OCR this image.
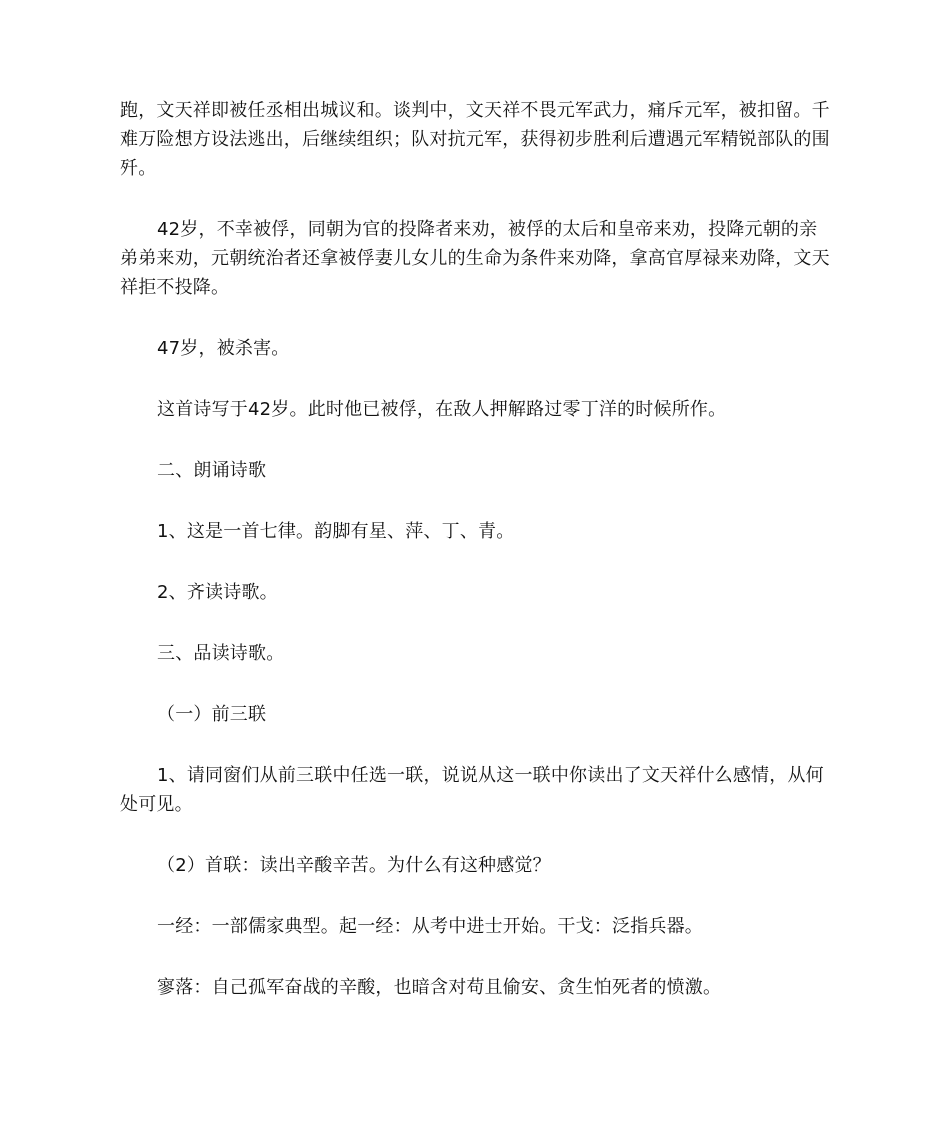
跑，文天祥即被任丞相出城议和。谈判中，文天祥不畏元军武力，痛斥元军，被扣留。千难万险想方设法逃出，后继续组织；队对抗元军，获得初步胜利后遭遇元军精锐部队的围歼。

42岁，不幸被俘，同朝为官的投降者来劝，被俘的太后和皇帝来劝，投降元朝的亲弟弟来劝，元朝统治者还拿被俘妻儿女儿的生命为条件来劝降，拿高官厚禄来劝降，文天祥拒不投降。

47岁，被杀害。

这首诗写于42岁。此时他已被俘，在敌人押解路过零丁洋的时候所作。

二、朗诵诗歌

1、这是一首七律。韵脚有星、萍、丁、青。

2、齐读诗歌。

三、品读诗歌。

（一）前三联

1、请同窗们从前三联中任选一联，说说从这一联中你读出了文天祥什么感情，从何处可见。

（2）首联：读出辛酸辛苦。为什么有这种感觉？

一经：一部儒家典型。起一经：从考中进士开始。干戈：泛指兵器。

寥落：自己孤军奋战的辛酸，也暗含对苟且偷安、贪生怕死者的愤激。
